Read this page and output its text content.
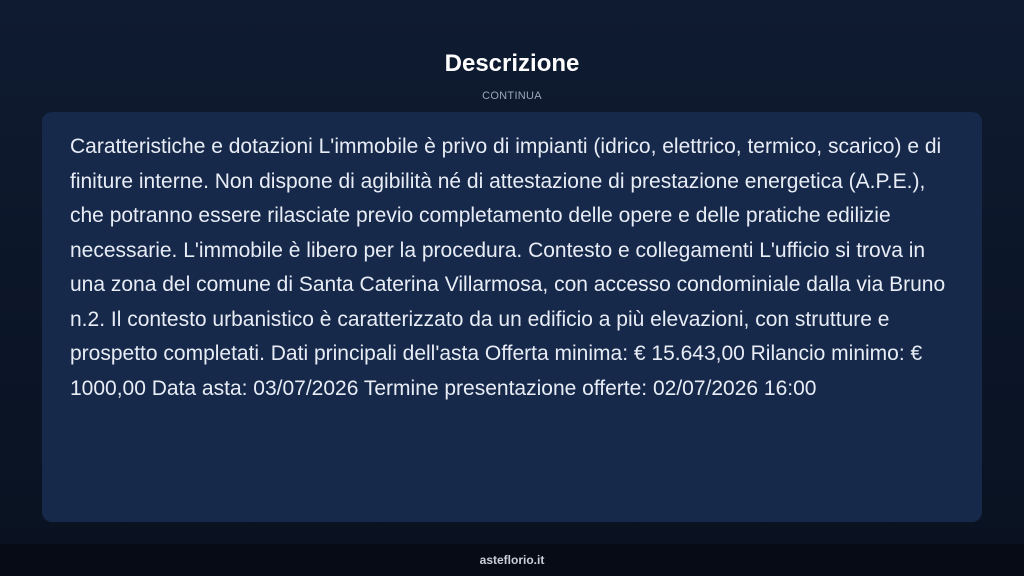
Descrizione

CONTINUA

Caratteristiche e dotazioni L'immobile è privo di impianti (idrico, elettrico, termico, scarico) e di finiture interne. Non dispone di agibilità né di attestazione di prestazione energetica (A.P.E.), che potranno essere rilasciate previo completamento delle opere e delle pratiche edilizie necessarie. L'immobile è libero per la procedura. Contesto e collegamenti L'ufficio si trova in una zona del comune di Santa Caterina Villarmosa, con accesso condominiale dalla via Bruno n.2. Il contesto urbanistico è caratterizzato da un edificio a più elevazioni, con strutture e prospetto completati. Dati principali dell'asta Offerta minima: € 15.643,00 Rilancio minimo: € 1000,00 Data asta: 03/07/2026 Termine presentazione offerte: 02/07/2026 16:00

asteflorio.it
